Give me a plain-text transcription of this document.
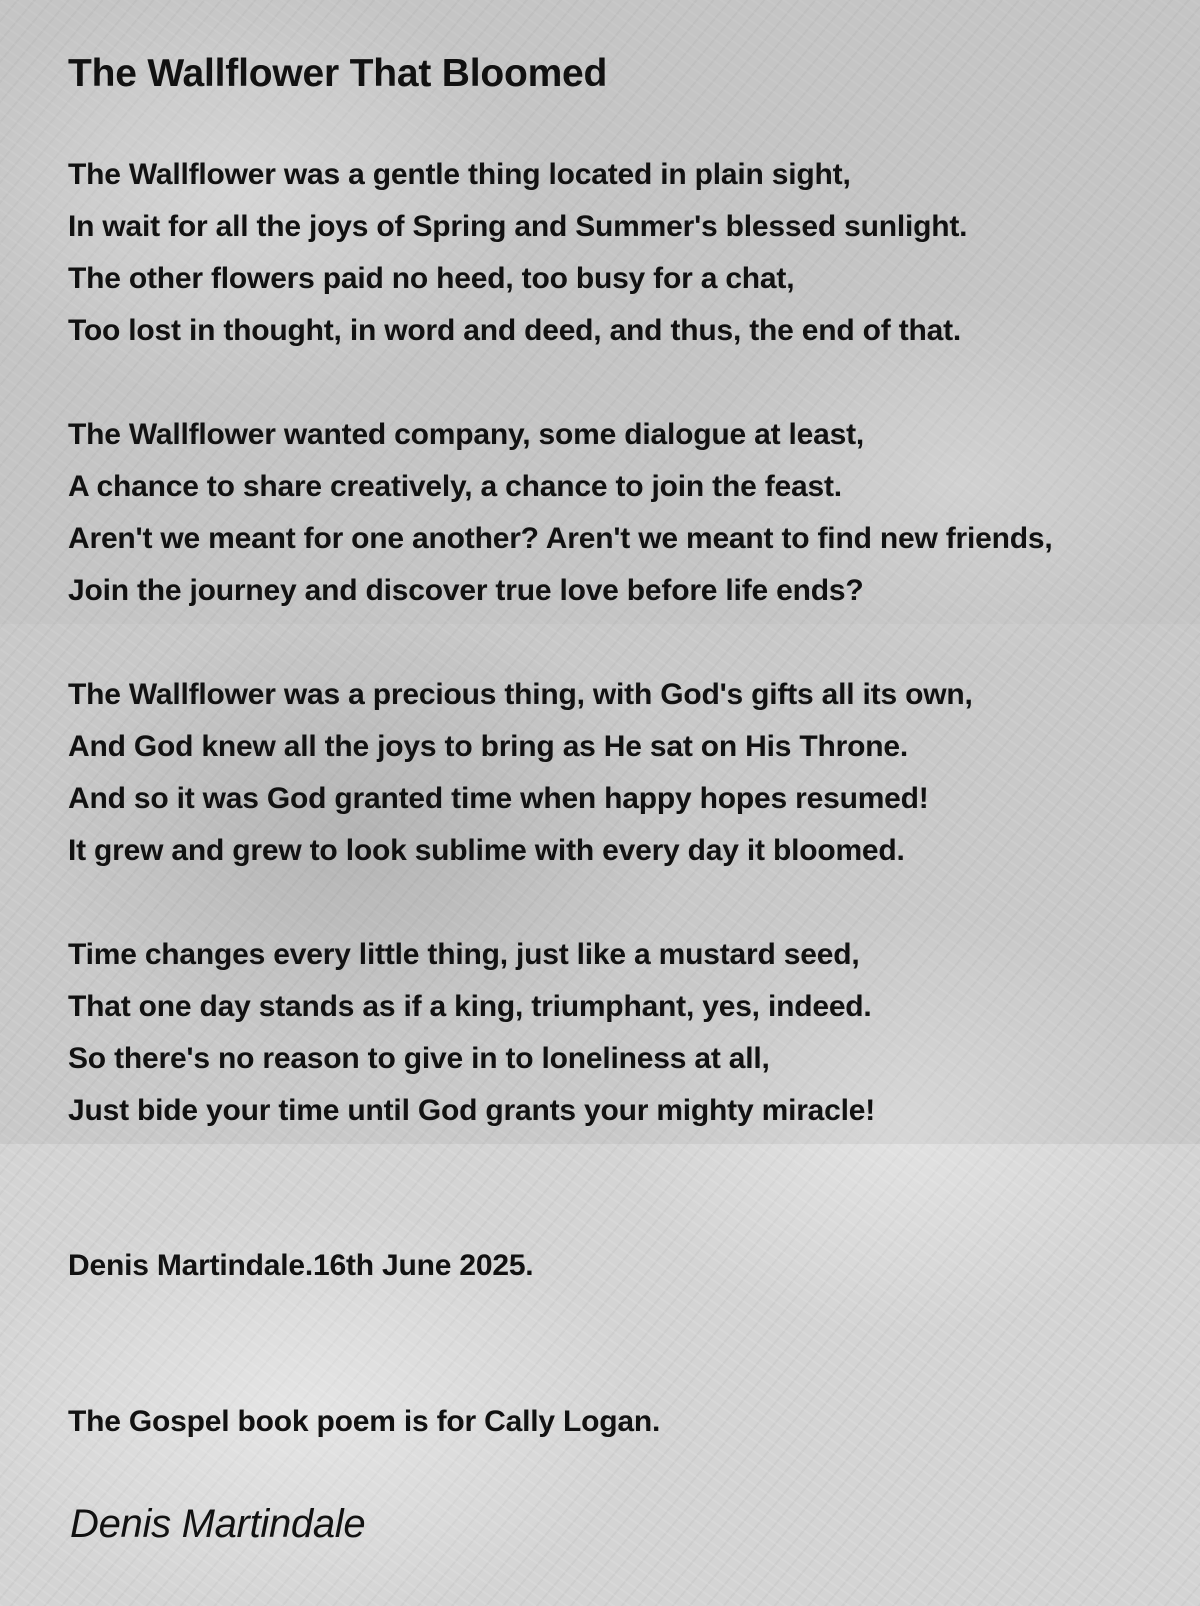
The Wallflower That Bloomed
The Wallflower was a gentle thing located in plain sight,
In wait for all the joys of Spring and Summer's blessed sunlight.
The other flowers paid no heed, too busy for a chat,
Too lost in thought, in word and deed, and thus, the end of that.
The Wallflower wanted company, some dialogue at least,
A chance to share creatively, a chance to join the feast.
Aren't we meant for one another? Aren't we meant to find new friends,
Join the journey and discover true love before life ends?
The Wallflower was a precious thing, with God's gifts all its own,
And God knew all the joys to bring as He sat on His Throne.
And so it was God granted time when happy hopes resumed!
It grew and grew to look sublime with every day it bloomed.
Time changes every little thing, just like a mustard seed,
That one day stands as if a king, triumphant, yes, indeed.
So there's no reason to give in to loneliness at all,
Just bide your time until God grants your mighty miracle!

Denis Martindale.16th June 2025.

The Gospel book poem is for Cally Logan.

Denis Martindale
